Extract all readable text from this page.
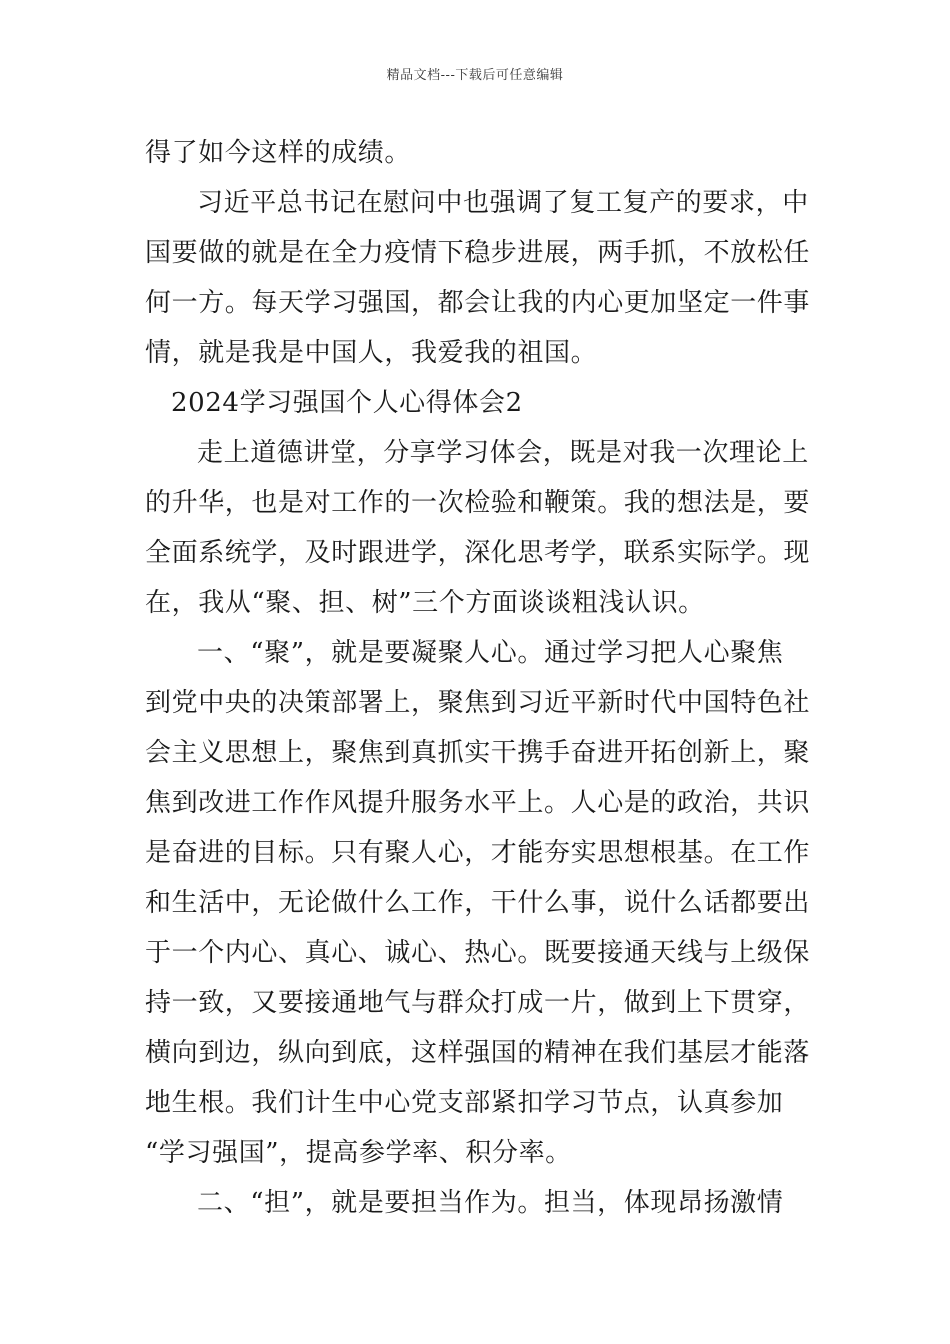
精品文档---下载后可任意编辑
得了如今这样的成绩。
习近平总书记在慰问中也强调了复工复产的要求，中
国要做的就是在全力疫情下稳步进展，两手抓，不放松任
何一方。每天学习强国，都会让我的内心更加坚定一件事
情，就是我是中国人，我爱我的祖国。
2024学习强国个人心得体会2
走上道德讲堂，分享学习体会，既是对我一次理论上
的升华，也是对工作的一次检验和鞭策。我的想法是，要
全面系统学，及时跟进学，深化思考学，联系实际学。现
在，我从“聚、担、树”三个方面谈谈粗浅认识。
一、“聚”，就是要凝聚人心。通过学习把人心聚焦
到党中央的决策部署上，聚焦到习近平新时代中国特色社
会主义思想上，聚焦到真抓实干携手奋进开拓创新上，聚
焦到改进工作作风提升服务水平上。人心是的政治，共识
是奋进的目标。只有聚人心，才能夯实思想根基。在工作
和生活中，无论做什么工作，干什么事，说什么话都要出
于一个内心、真心、诚心、热心。既要接通天线与上级保
持一致，又要接通地气与群众打成一片，做到上下贯穿，
横向到边，纵向到底，这样强国的精神在我们基层才能落
地生根。我们计生中心党支部紧扣学习节点，认真参加
“学习强国”，提高参学率、积分率。
二、“担”，就是要担当作为。担当，体现昂扬激情
